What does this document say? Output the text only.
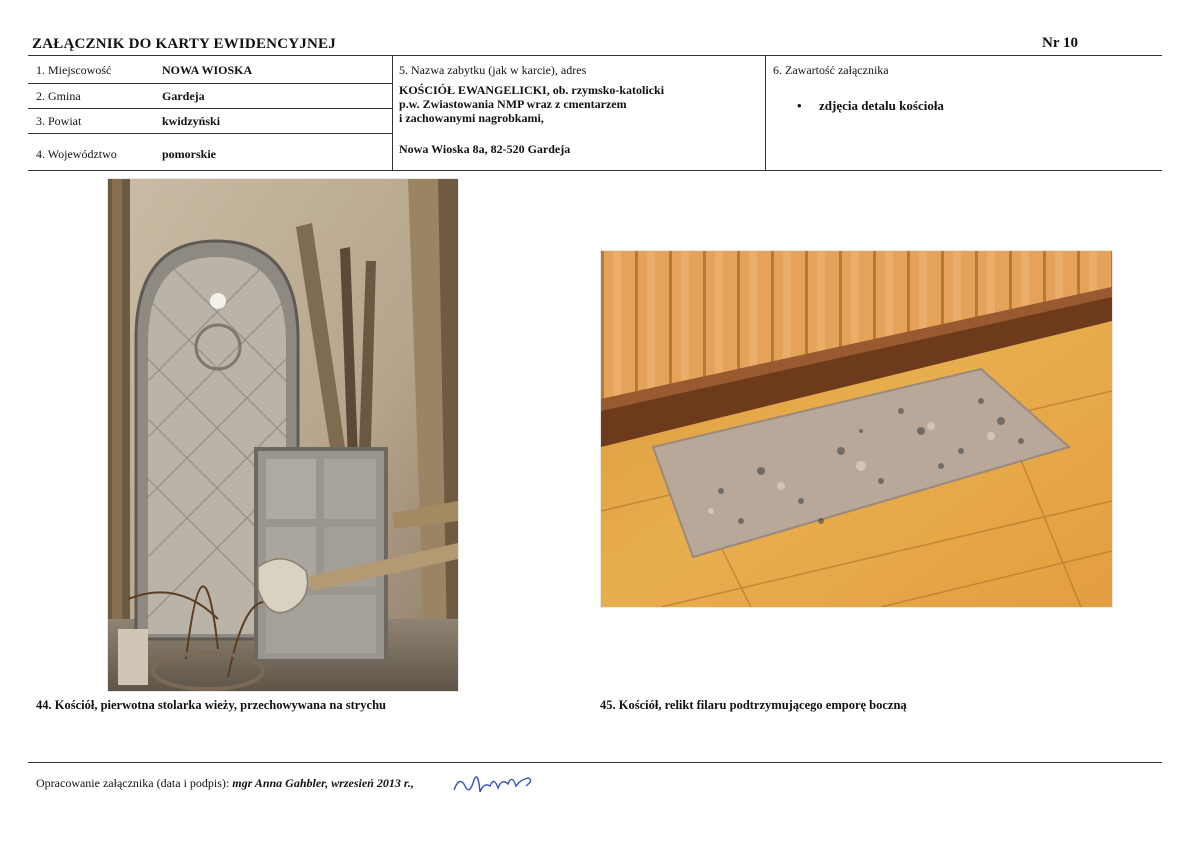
ZAŁĄCZNIK DO KARTY EWIDENCYJNEJ	Nr 10
1. Miejscowość	NOWA WIOSKA
2. Gmina	Gardeja
3. Powiat	kwidzyński
4. Województwo	pomorskie
5. Nazwa zabytku (jak w karcie), adres
KOŚCIÓŁ EWANGELICKI, ob. rzymsko-katolicki
p.w. Zwiastowania NMP wraz z cmentarzem
i zachowanymi nagrobkami,
Nowa Wioska 8a, 82-520 Gardeja
6. Zawartość załącznika
• zdjęcia detalu kościoła
44. Kościół, pierwotna stolarka wieży, przechowywana na strychu	45. Kościół, relikt filaru podtrzymującego emporę boczną
Opracowanie załącznika (data i podpis): mgr Anna Gahbler, wrzesień 2013 r.,
